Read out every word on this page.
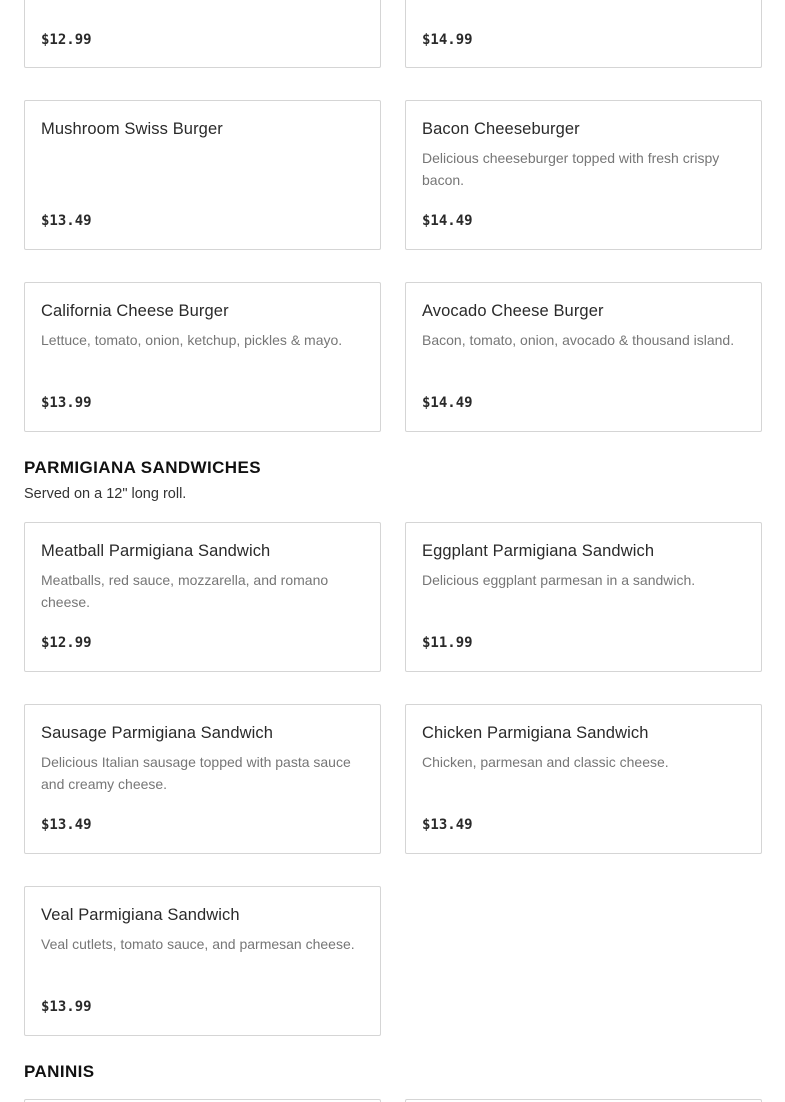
$12.99	$14.99
Mushroom Swiss Burger
$13.49
Bacon Cheeseburger
Delicious cheeseburger topped with fresh crispy bacon.
$14.49
California Cheese Burger
Lettuce, tomato, onion, ketchup, pickles & mayo.
$13.99
Avocado Cheese Burger
Bacon, tomato, onion, avocado & thousand island.
$14.49
PARMIGIANA SANDWICHES

Served on a 12" long roll.

Meatball Parmigiana Sandwich
Meatballs, red sauce, mozzarella, and romano cheese.
$12.99
Eggplant Parmigiana Sandwich
Delicious eggplant parmesan in a sandwich.
$11.99
Sausage Parmigiana Sandwich
Delicious Italian sausage topped with pasta sauce and creamy cheese.
$13.49
Chicken Parmigiana Sandwich
Chicken, parmesan and classic cheese.
$13.49
Veal Parmigiana Sandwich
Veal cutlets, tomato sauce, and parmesan cheese.
$13.99
PANINIS
